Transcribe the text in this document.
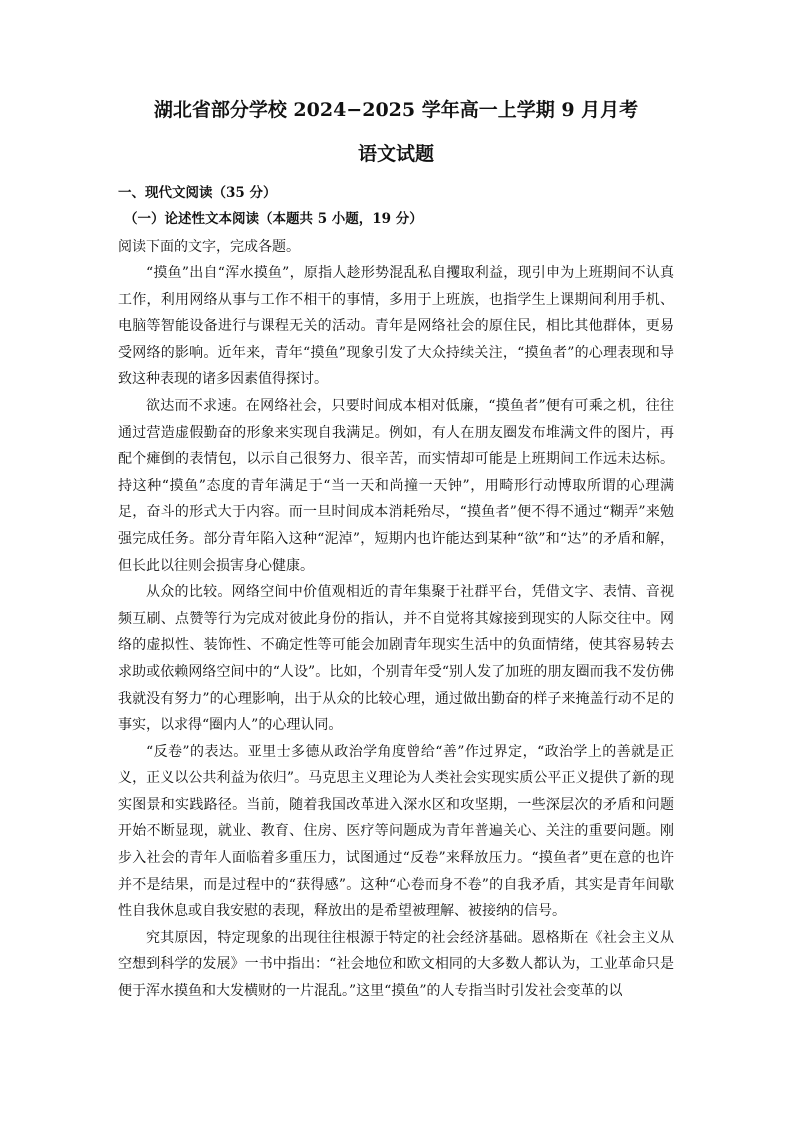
湖北省部分学校 2024−2025 学年高一上学期 9 月月考
语文试题
一、现代文阅读（35 分）
（一）论述性文本阅读（本题共 5 小题，19 分）
阅读下面的文字，完成各题。

“摸鱼”出自“浑水摸鱼”，原指人趁形势混乱私自攫取利益，现引申为上班期间不认真工作，利用网络从事与工作不相干的事情，多用于上班族，也指学生上课期间利用手机、电脑等智能设备进行与课程无关的活动。青年是网络社会的原住民，相比其他群体，更易受网络的影响。近年来，青年“摸鱼”现象引发了大众持续关注，“摸鱼者”的心理表现和导致这种表现的诸多因素值得探讨。

欲达而不求速。在网络社会，只要时间成本相对低廉，“摸鱼者”便有可乘之机，往往通过营造虚假勤奋的形象来实现自我满足。例如，有人在朋友圈发布堆满文件的图片，再配个瘫倒的表情包，以示自己很努力、很辛苦，而实情却可能是上班期间工作远未达标。持这种“摸鱼”态度的青年满足于“当一天和尚撞一天钟”，用畸形行动博取所谓的心理满足，奋斗的形式大于内容。而一旦时间成本消耗殆尽，“摸鱼者”便不得不通过“糊弄”来勉强完成任务。部分青年陷入这种“泥淖”，短期内也许能达到某种“欲”和“达”的矛盾和解，但长此以往则会损害身心健康。

从众的比较。网络空间中价值观相近的青年集聚于社群平台，凭借文字、表情、音视频互刷、点赞等行为完成对彼此身份的指认，并不自觉将其嫁接到现实的人际交往中。网络的虚拟性、装饰性、不确定性等可能会加剧青年现实生活中的负面情绪，使其容易转去求助或依赖网络空间中的“人设”。比如，个别青年受“别人发了加班的朋友圈而我不发仿佛我就没有努力”的心理影响，出于从众的比较心理，通过做出勤奋的样子来掩盖行动不足的事实，以求得“圈内人”的心理认同。

“反卷”的表达。亚里士多德从政治学角度曾给“善”作过界定，“政治学上的善就是正义，正义以公共利益为依归”。马克思主义理论为人类社会实现实质公平正义提供了新的现实图景和实践路径。当前，随着我国改革进入深水区和攻坚期，一些深层次的矛盾和问题开始不断显现，就业、教育、住房、医疗等问题成为青年普遍关心、关注的重要问题。刚步入社会的青年人面临着多重压力，试图通过“反卷”来释放压力。“摸鱼者”更在意的也许并不是结果，而是过程中的“获得感”。这种“心卷而身不卷”的自我矛盾，其实是青年间歇性自我休息或自我安慰的表现，释放出的是希望被理解、被接纳的信号。

究其原因，特定现象的出现往往根源于特定的社会经济基础。恩格斯在《社会主义从空想到科学的发展》一书中指出：“社会地位和欧文相同的大多数人都认为，工业革命只是便于浑水摸鱼和大发横财的一片混乱。”这里“摸鱼”的人专指当时引发社会变革的以
